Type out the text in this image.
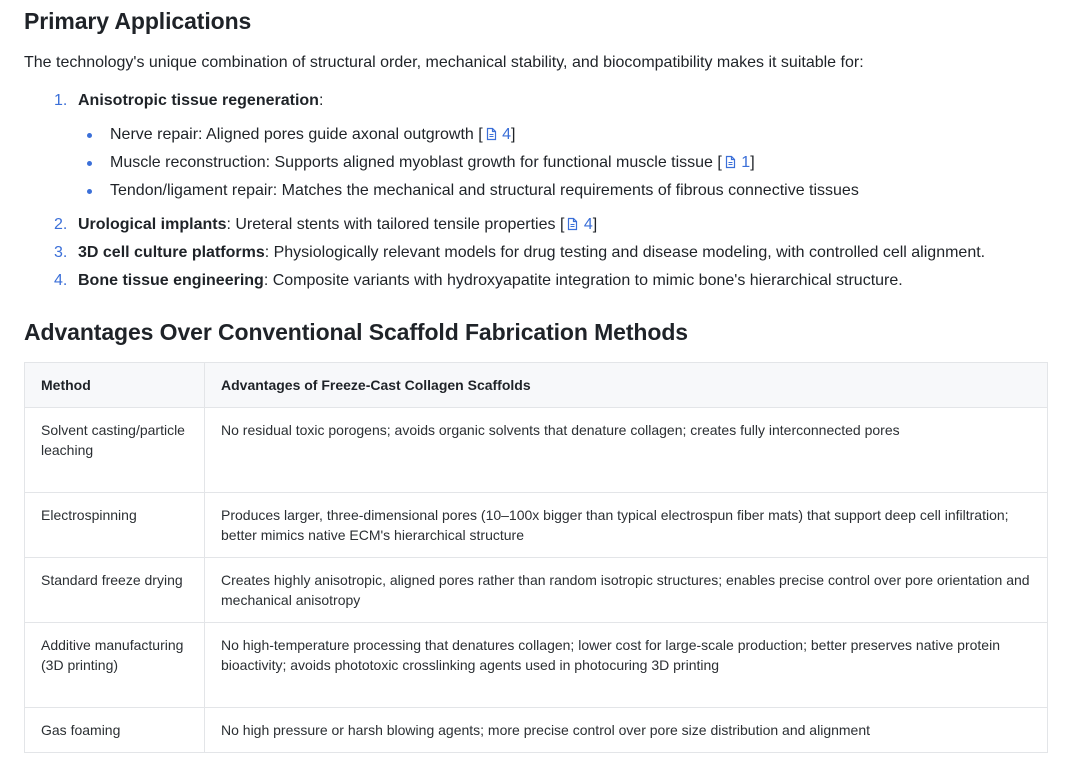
Primary Applications

The technology's unique combination of structural order, mechanical stability, and biocompatibility makes it suitable for:

1. Anisotropic tissue regeneration:
Nerve repair: Aligned pores guide axonal outgrowth [ 4]
Muscle reconstruction: Supports aligned myoblast growth for functional muscle tissue [ 1]
Tendon/ligament repair: Matches the mechanical and structural requirements of fibrous connective tissues
2. Urological implants: Ureteral stents with tailored tensile properties [ 4]
3. 3D cell culture platforms: Physiologically relevant models for drug testing and disease modeling, with controlled cell alignment.
4. Bone tissue engineering: Composite variants with hydroxyapatite integration to mimic bone's hierarchical structure.
Advantages Over Conventional Scaffold Fabrication Methods
Method	Advantages of Freeze-Cast Collagen Scaffolds
Solvent casting/particle leaching	No residual toxic porogens; avoids organic solvents that denature collagen; creates fully interconnected pores
Electrospinning	Produces larger, three-dimensional pores (10–100x bigger than typical electrospun fiber mats) that support deep cell infiltration; better mimics native ECM's hierarchical structure
Standard freeze drying	Creates highly anisotropic, aligned pores rather than random isotropic structures; enables precise control over pore orientation and mechanical anisotropy
Additive manufacturing (3D printing)	No high-temperature processing that denatures collagen; lower cost for large-scale production; better preserves native protein bioactivity; avoids phototoxic crosslinking agents used in photocuring 3D printing
Gas foaming	No high pressure or harsh blowing agents; more precise control over pore size distribution and alignment
